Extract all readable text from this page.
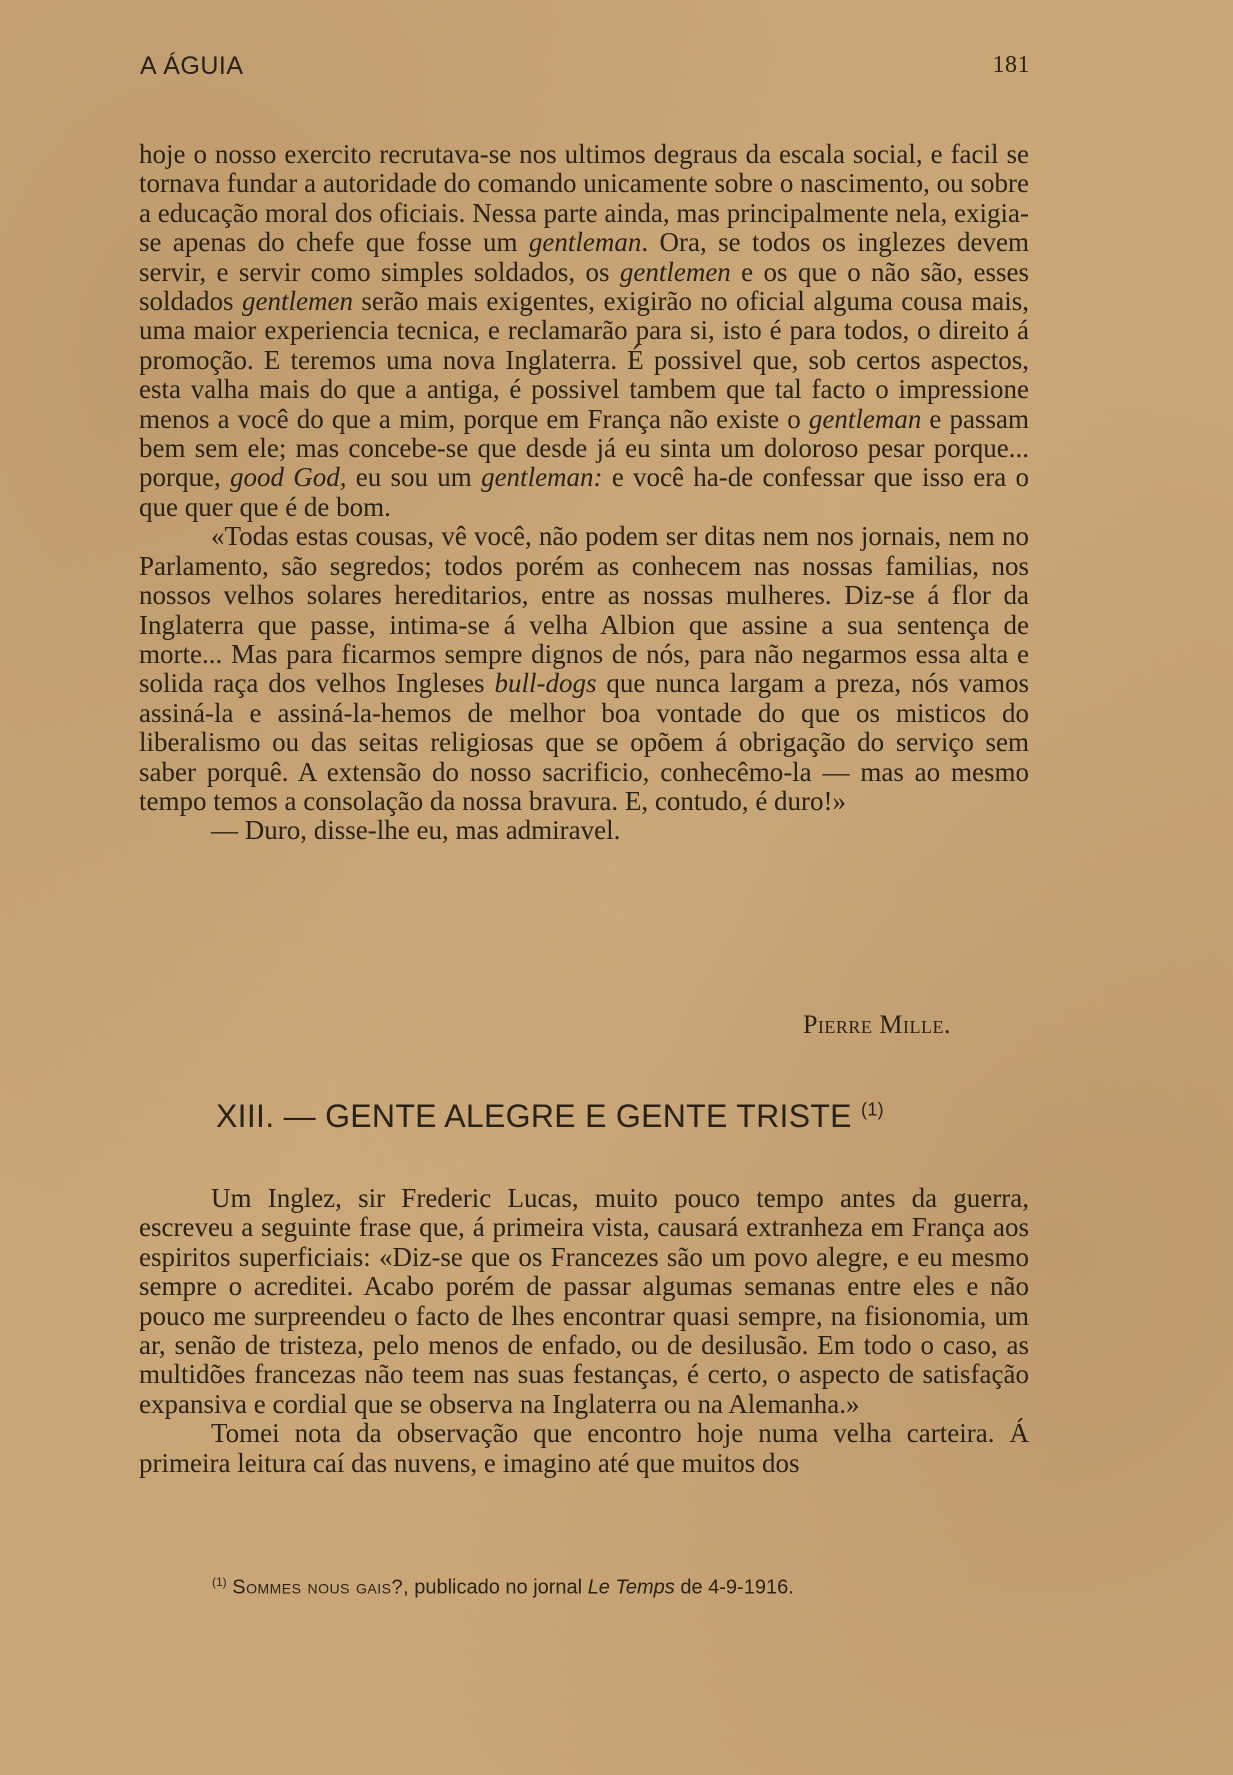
A ÁGUIA	181

hoje o nosso exercito recrutava-se nos ultimos degraus da escala social, e facil se tornava fundar a autoridade do comando unicamente sobre o nascimento, ou sobre a educação moral dos oficiais. Nessa parte ainda, mas principalmente nela, exigia-se apenas do chefe que fosse um gentleman. Ora, se todos os inglezes devem servir, e servir como simples soldados, os gentlemen e os que o não são, esses soldados gentlemen serão mais exigentes, exigirão no oficial alguma cousa mais, uma maior experiencia tecnica, e reclamarão para si, isto é para todos, o direito á promoção. E teremos uma nova Inglaterra. É possivel que, sob certos aspectos, esta valha mais do que a antiga, é possivel tambem que tal facto o impressione menos a você do que a mim, porque em França não existe o gentleman e passam bem sem ele; mas concebe-se que desde já eu sinta um doloroso pesar porque... porque, good God, eu sou um gentleman: e você ha-de confessar que isso era o que quer que é de bom.

«Todas estas cousas, vê você, não podem ser ditas nem nos jornais, nem no Parlamento, são segredos; todos porém as conhecem nas nossas familias, nos nossos velhos solares hereditarios, entre as nossas mulheres. Diz-se á flor da Inglaterra que passe, intima-se á velha Albion que assine a sua sentença de morte... Mas para ficarmos sempre dignos de nós, para não negarmos essa alta e solida raça dos velhos Ingleses bull-dogs que nunca largam a preza, nós vamos assiná-la e assiná-la-hemos de melhor boa vontade do que os misticos do liberalismo ou das seitas religiosas que se opõem á obrigação do serviço sem saber porquê. A extensão do nosso sacrificio, conhecêmo-la — mas ao mesmo tempo temos a consolação da nossa bravura. E, contudo, é duro!»

— Duro, disse-lhe eu, mas admiravel.

Pierre Mille.
XIII. — GENTE ALEGRE E GENTE TRISTE $^{(1)}$

Um Inglez, sir Frederic Lucas, muito pouco tempo antes da guerra, escreveu a seguinte frase que, á primeira vista, causará extranheza em França aos espiritos superficiais: «Diz-se que os Francezes são um povo alegre, e eu mesmo sempre o acreditei. Acabo porém de passar algumas semanas entre eles e não pouco me surpreendeu o facto de lhes encontrar quasi sempre, na fisionomia, um ar, senão de tristeza, pelo menos de enfado, ou de desilusão. Em todo o caso, as multidões francezas não teem nas suas festanças, é certo, o aspecto de satisfação expansiva e cordial que se observa na Inglaterra ou na Alemanha.»

Tomei nota da observação que encontro hoje numa velha carteira. Á primeira leitura caí das nuvens, e imagino até que muitos dos

$^{(1)}$ Sommes nous gais?, publicado no jornal Le Temps de 4-9-1916.
